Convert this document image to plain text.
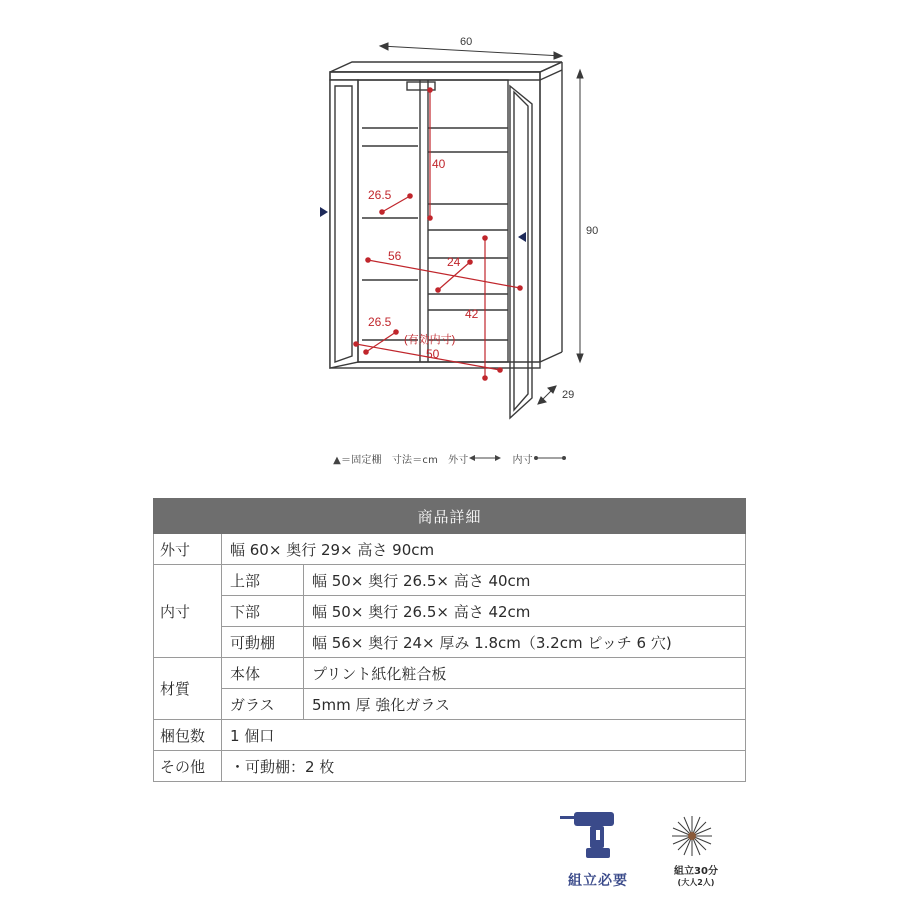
60
90
29
40
26.5
56	24
42
26.5
(有効内寸)
50
▲＝固定棚 寸法＝cm 外寸	内寸
商品詳細		
外寸	幅 60× 奥行 29× 高さ 90cm	
内寸	上部	幅 50× 奥行 26.5× 高さ 40cm
	下部	幅 50× 奥行 26.5× 高さ 42cm
	可動棚	幅 56× 奥行 24× 厚み 1.8cm（3.2cm ピッチ 6 穴)
材質	本体	プリント紙化粧合板
	ガラス	5mm 厚 強化ガラス
梱包数	1 個口	
その他	・可動棚：2 枚	
組立必要
組立30分
(大人2人)
